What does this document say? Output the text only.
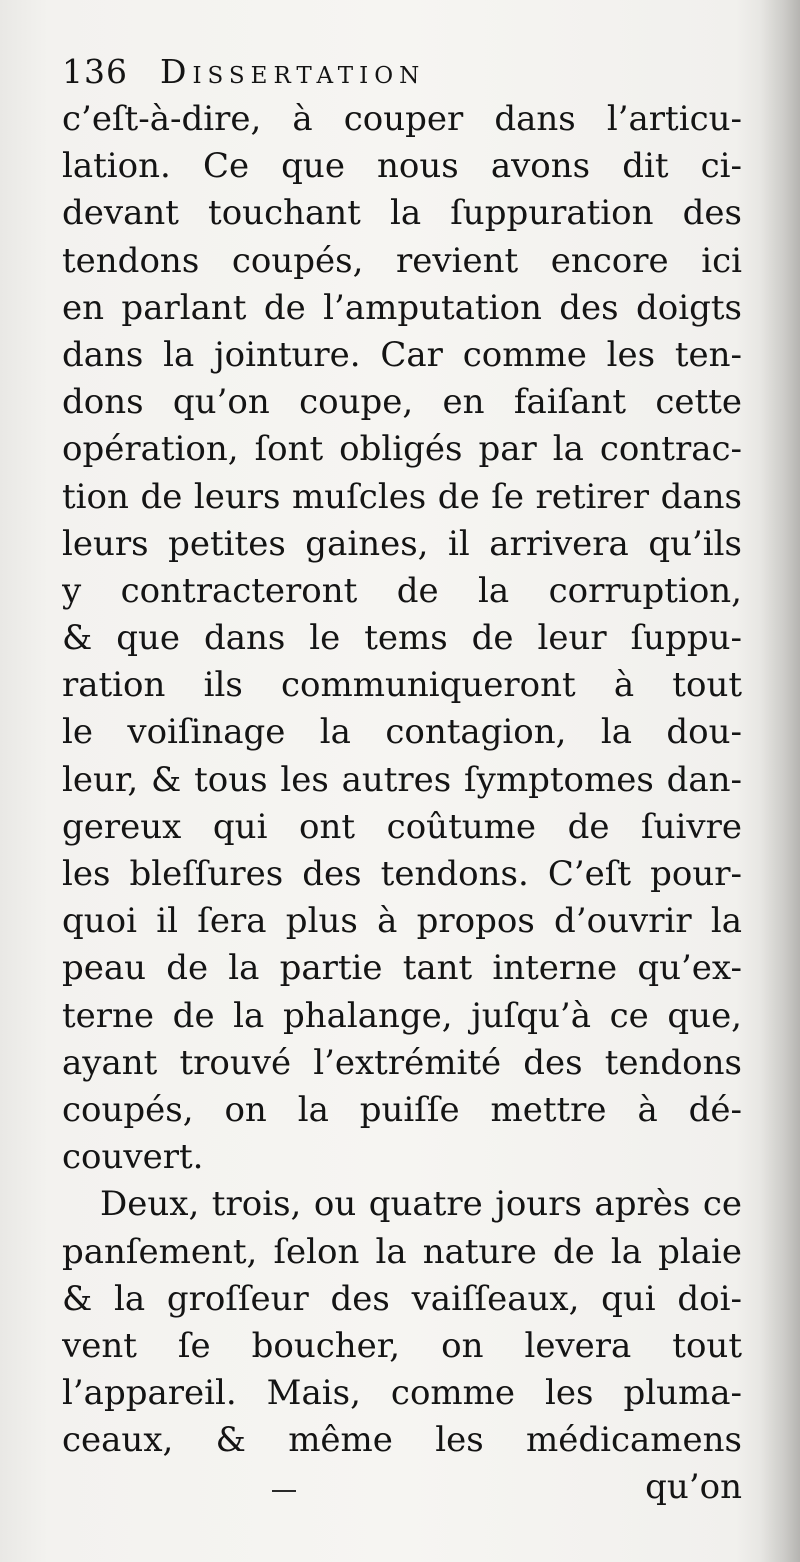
136 Dissertation
c’eſt-à-dire, à couper dans l’articu-
lation. Ce que nous avons dit ci-
devant touchant la ſuppuration des
tendons coupés, revient encore ici
en parlant de l’amputation des doigts
dans la jointure. Car comme les ten-
dons qu’on coupe, en faiſant cette
opération, ſont obligés par la contrac-
tion de leurs muſcles de ſe retirer dans
leurs petites gaines, il arrivera qu’ils
y contracteront de la corruption,
& que dans le tems de leur ſuppu-
ration ils communiqueront à tout
le voiſinage la contagion, la dou-
leur, & tous les autres ſymptomes dan-
gereux qui ont coûtume de ſuivre
les bleſſures des tendons. C’eſt pour-
quoi il ſera plus à propos d’ouvrir la
peau de la partie tant interne qu’ex-
terne de la phalange, juſqu’à ce que,
ayant trouvé l’extrémité des tendons
coupés, on la puiſſe mettre à dé-
couvert.
Deux, trois, ou quatre jours après ce
panſement, ſelon la nature de la plaie
& la groſſeur des vaiſſeaux, qui doi-
vent ſe boucher, on levera tout
l’appareil. Mais, comme les pluma-
ceaux, & même les médicamens
qu’on
